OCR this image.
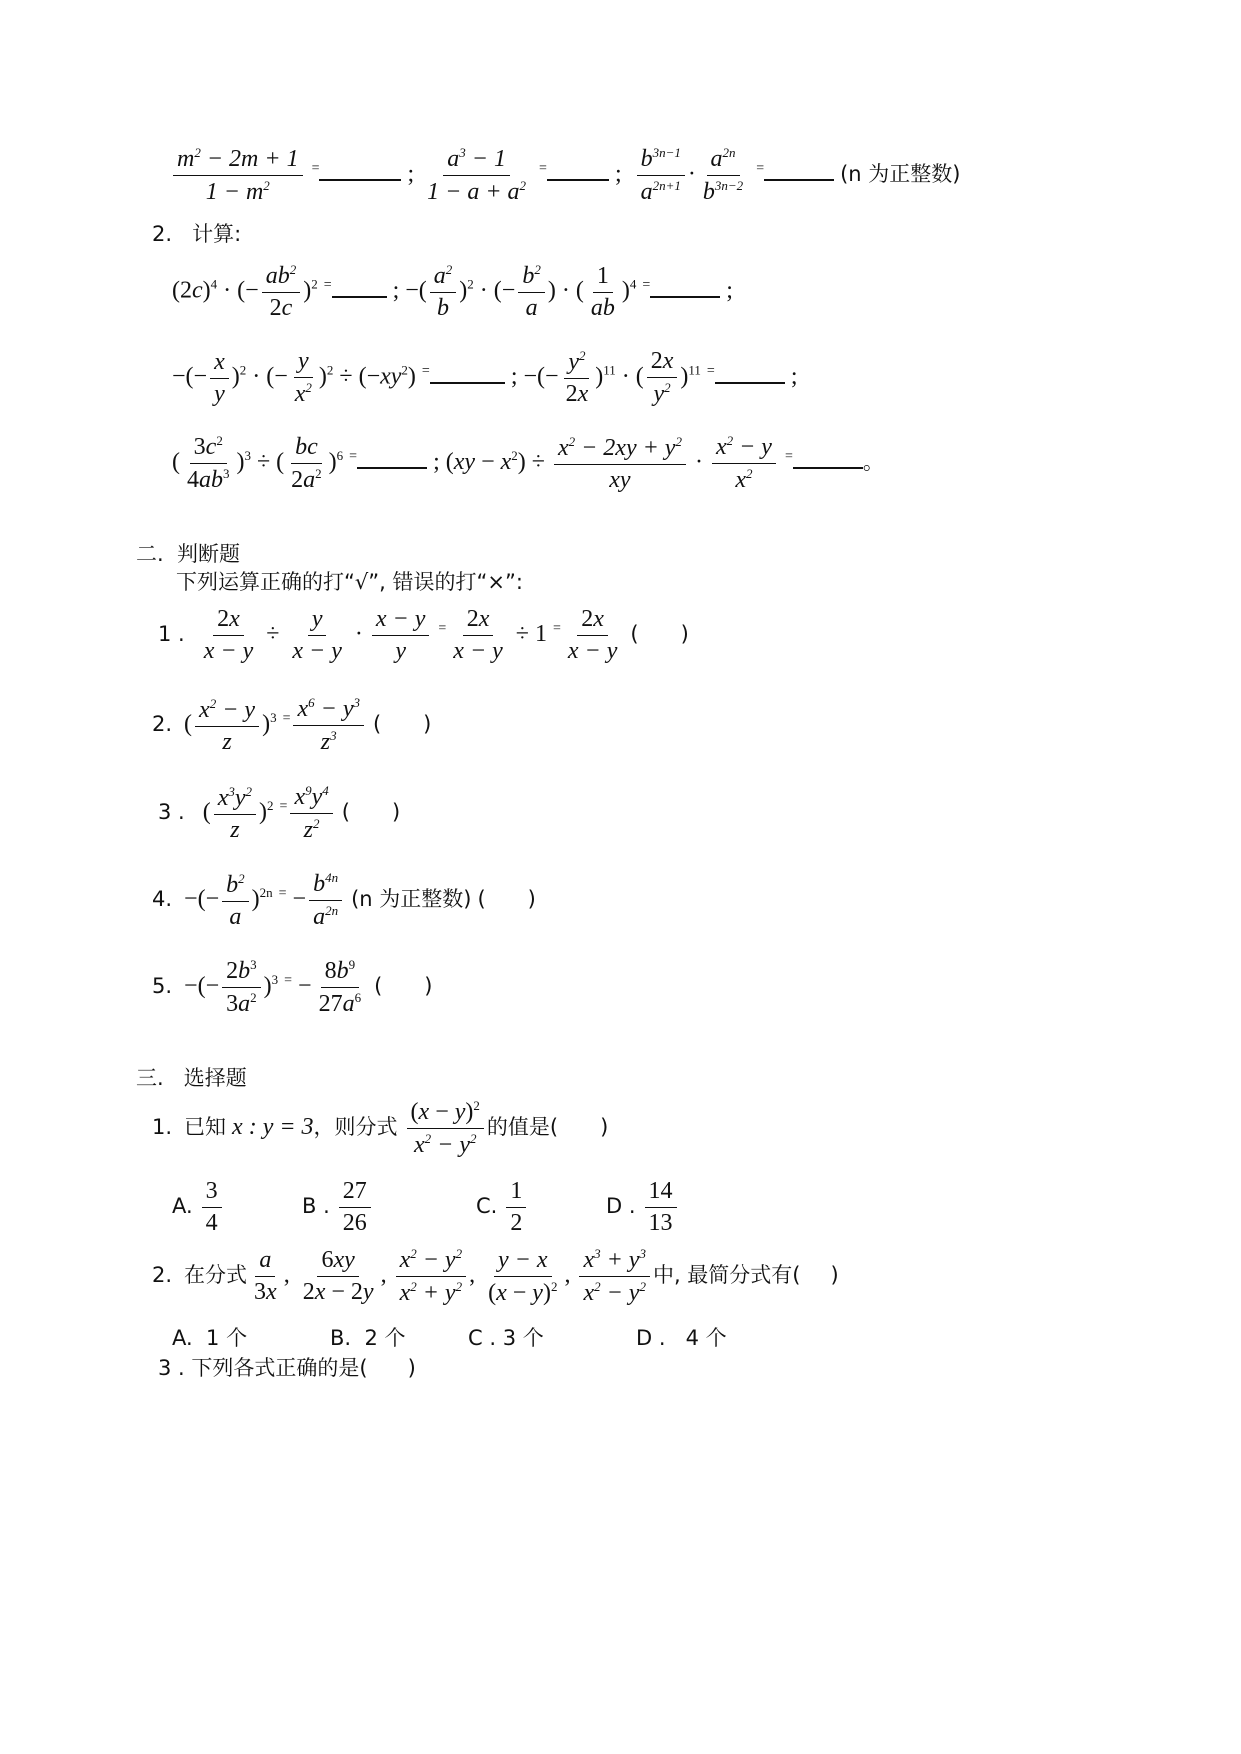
$\frac{m^2 - 2m + 1}{1 - m^2} ^=$	; $\frac{a^3 - 1}{1 - a + a^2} ^=$	; $\frac{b^{3n-1}}{a^{2n+1}} \cdot \frac{a^{2n}}{b^{3n-2}} ^=$	(n 为正整数)
2. 计算:
$(2c)^4$ · (− $\frac{ab^2}{2c} )^2$ = ; −( $\frac{a^2}{b} )^2$ · (− $\frac{b^2}{a}$ ) · ( $\frac{1}{ab} )^4$ =	;
−(− $\frac{x}{y} )^2$ · (− $\frac{y}{x^2} )^2 \div (-xy^2)$ =	; −(− $\frac{y^2}{2x} )^{11}$ · ( $\frac{2x}{y^2} )^{11}$ =	;
( $\frac{3c^2}{4ab^3} )^3$ ÷ ( $\frac{bc}{2a^2} )^6$ =	; $(xy - x^2) \div \frac{x^2 - 2xy + y^2}{xy} \cdot \frac{x^2 - y}{x^2} ^=$	。
二. 判断题
下列运算正确的打“√”, 错误的打“×”:
1 . $\frac{2x}{x - y} \div \frac{y}{x - y} \cdot \frac{x - y}{y} ^= \frac{2x}{x - y} \div 1$ $^= \frac{2x}{x - y}$ (　　)
2.  ( $\frac{x^2 - y}{z} )^3$ $^= \frac{x^6 - y^3}{z^3}$ (　　)
3 .   ( $\frac{x^3y^2}{z} )^2$ $^= \frac{x^9y^4}{z^2}$ (　　)
4.  −(− $\frac{b^2}{a} )^{2n}$ $^= - \frac{b^{4n}}{a^{2n}} (n$ 为正整数) (　　)
5.  −(− $\frac{2b^3}{3a^2} )^3$ $^= - \frac{8b^9}{27a^6}$ (　　)
三. 选择题
1. 已知 x : y = 3，则分式 $\frac{(x - y)^2}{x^2 - y^2}$ 的值是( )
A. $\frac{3}{4}$	B . $\frac{27}{26}$	C. $\frac{1}{2}$	D . $\frac{14}{13}$
2. 在分式 $\frac{a}{3x}$ , $\frac{6xy}{2x - 2y}$ , $\frac{x^2 - y^2}{x^2 + y^2}$ , $\frac{y - x}{(x - y)^2}$ , $\frac{x^3 + y^3}{x^2 - y^2}$ 中, 最简分式有( )
A. 1 个	B. 2 个	C . 3 个	D . 4 个
3 . 下列各式正确的是( )
